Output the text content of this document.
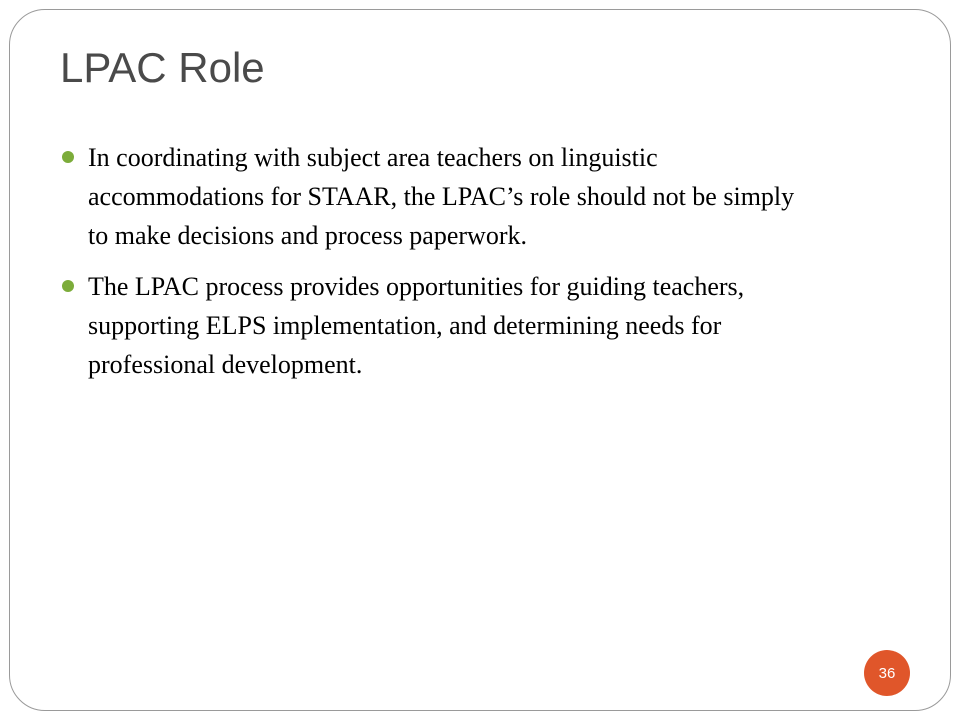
LPAC Role
In coordinating with subject area teachers on linguistic accommodations for STAAR, the LPAC’s role should not be simply to make decisions and process paperwork.
The LPAC process provides opportunities for guiding teachers, supporting ELPS implementation, and determining needs for professional development.
36
